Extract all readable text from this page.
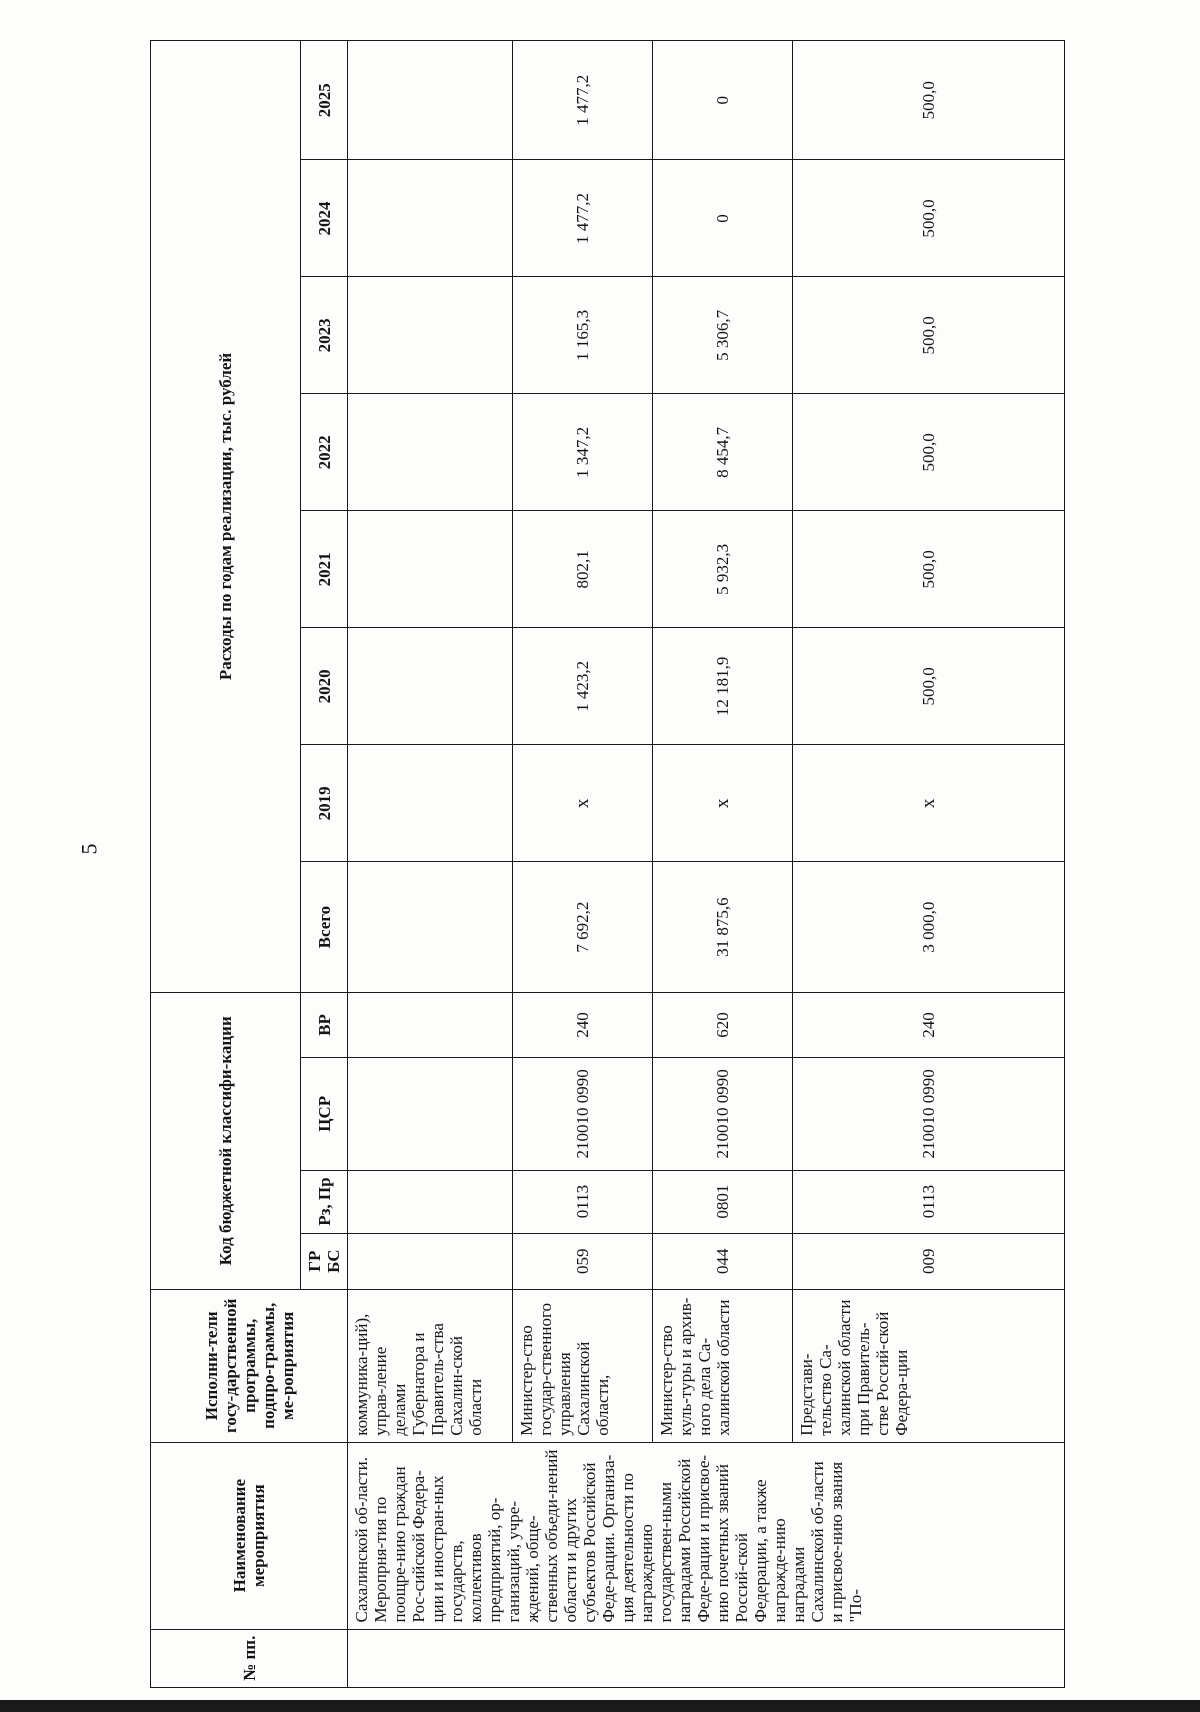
5
№ пп.	Наименование мероприятия	Исполни-тели госу-дарственной программы, подпро-граммы, ме-роприятия	Код бюджетной классифи-кации				Расходы по годам реализации, тыс. рублей							
			ГР БС	Рз, Пр	ЦСР	ВР	Всего	2019	2020	2021	2022	2023	2024	2025
	Сахалинской об-ласти. Меропрня-тия по поощре-нию граждан Рос-сийской Федера-ции и иностран-ных государств, коллективов предприятий, ор-ганизаций, учре-ждений, обще-ственных объеди-нений области и других субъектов Российской Феде-рации. Организа-ция деятельности по награждению государствен-ными наградами Российской Феде-рации и присвое-нию почетных званий Россий-ской Федерации, а также награжде-нию наградами Сахалинской об-ласти и присвое-нию звания "По-	коммуника-ций), управ-ление делами Губернатора и Правитель-ства Сахалин-ской области												
		Министер-ство государ-ственного управления Сахалинской области,	059	0113	210010 0990	240	7 692,2	x	1 423,2	802,1	1 347,2	1 165,3	1 477,2	1 477,2
		Министер-ство куль-туры и архив-ного дела Са-халинской области	044	0801	210010 0990	620	31 875,6	x	12 181,9	5 932,3	8 454,7	5 306,7	0	0
		Представи-тельство Са-халинской области при Правитель-стве Россий-ской Федера-ции	009	0113	210010 0990	240	3 000,0	x	500,0	500,0	500,0	500,0	500,0	500,0
